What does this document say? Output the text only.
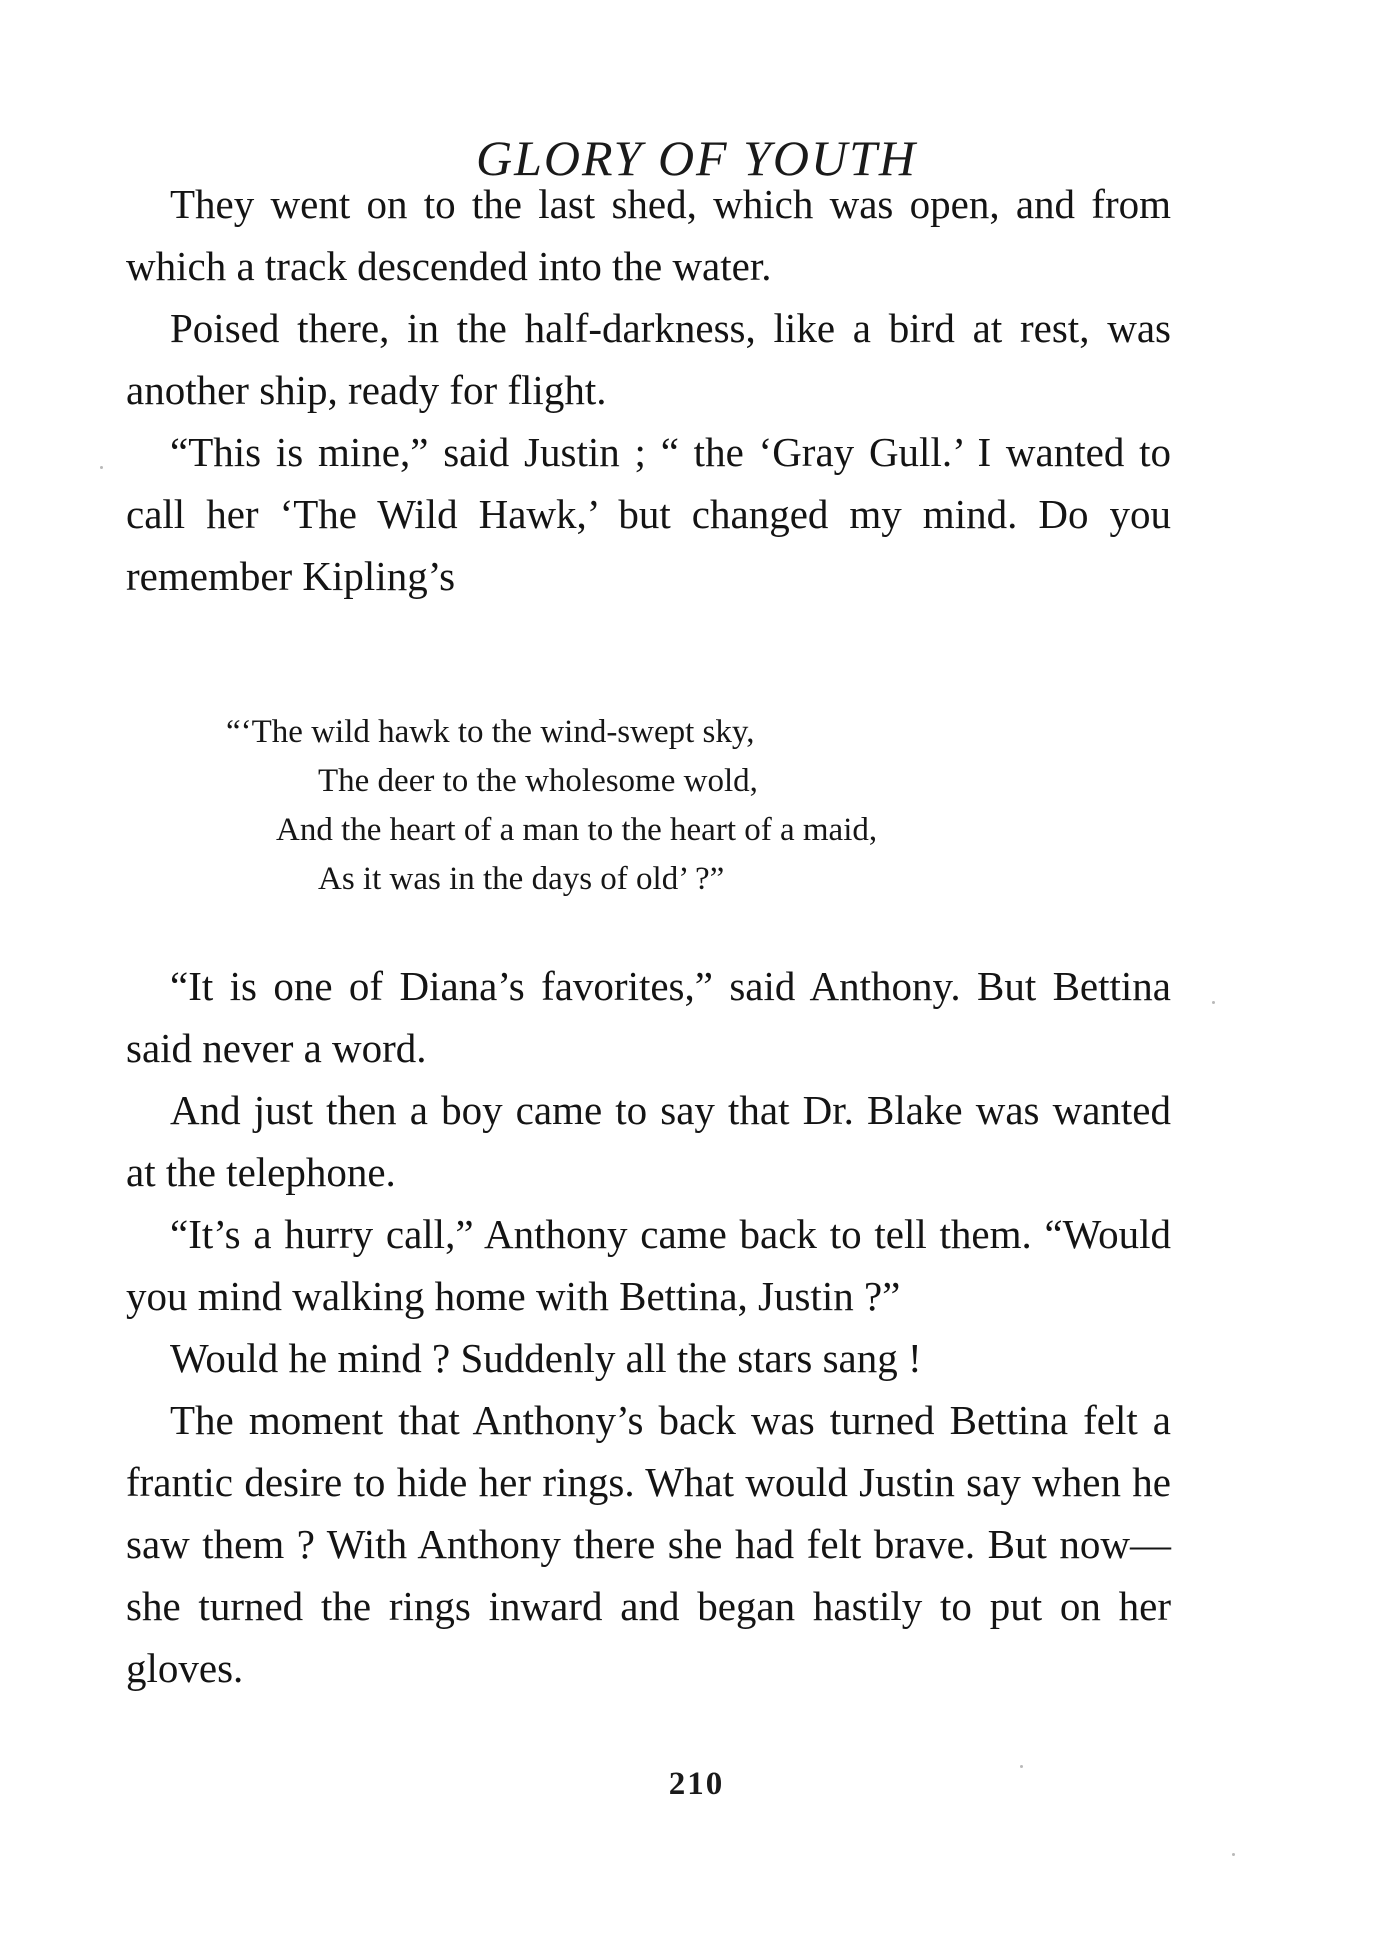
GLORY OF YOUTH

They went on to the last shed, which was open, and from which a track descended into the water.

Poised there, in the half-darkness, like a bird at rest, was another ship, ready for flight.

“This is mine,” said Justin ; “ the ‘Gray Gull.’ I wanted to call her ‘The Wild Hawk,’ but changed my mind. Do you remember Kipling’s

“‘The wild hawk to the wind-swept sky,
The deer to the wholesome wold,
And the heart of a man to the heart of a maid,
As it was in the days of old’ ?”

“It is one of Diana’s favorites,” said Anthony. But Bettina said never a word.

And just then a boy came to say that Dr. Blake was wanted at the telephone.

“It’s a hurry call,” Anthony came back to tell them. “Would you mind walking home with Bettina, Justin ?”

Would he mind ? Suddenly all the stars sang !

The moment that Anthony’s back was turned Bettina felt a frantic desire to hide her rings. What would Justin say when he saw them ? With Anthony there she had felt brave. But now—she turned the rings inward and began hastily to put on her gloves.

210
